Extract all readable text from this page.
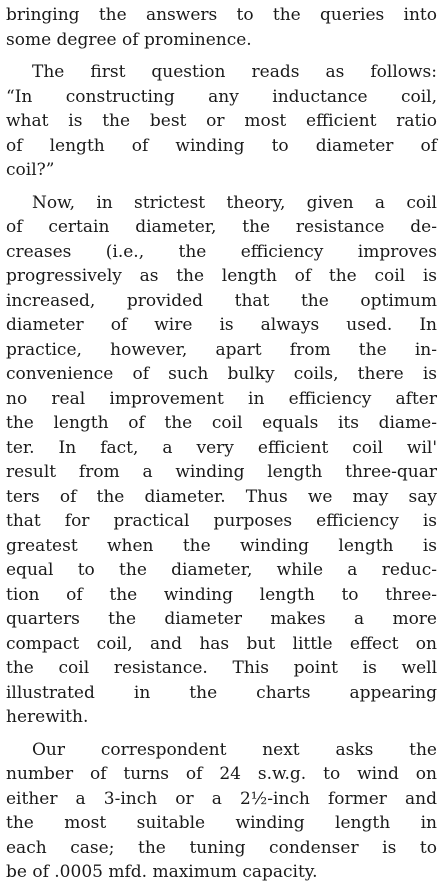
bringing the answers to the queries into
some degree of prominence.
The first question reads as follows:
“In constructing any inductance coil,
what is the best or most efficient ratio
of length of winding to diameter of
coil?”
Now, in strictest theory, given a coil
of certain diameter, the resistance de-
creases (i.e., the efficiency improves
progressively as the length of the coil is
increased, provided that the optimum
diameter of wire is always used. In
practice, however, apart from the in-
convenience of such bulky coils, there is
no real improvement in efficiency after
the length of the coil equals its diame-
ter. In fact, a very efficient coil wil'
result from a winding length three-quar
ters of the diameter. Thus we may say
that for practical purposes efficiency is
greatest when the winding length is
equal to the diameter, while a reduc-
tion of the winding length to three-
quarters the diameter makes a more
compact coil, and has but little effect on
the coil resistance. This point is well
illustrated in the charts appearing
herewith.
Our correspondent next asks the
number of turns of 24 s.w.g. to wind on
either a 3-inch or a 2½-inch former and
the most suitable winding length in
each case; the tuning condenser is to
be of .0005 mfd. maximum capacity.
